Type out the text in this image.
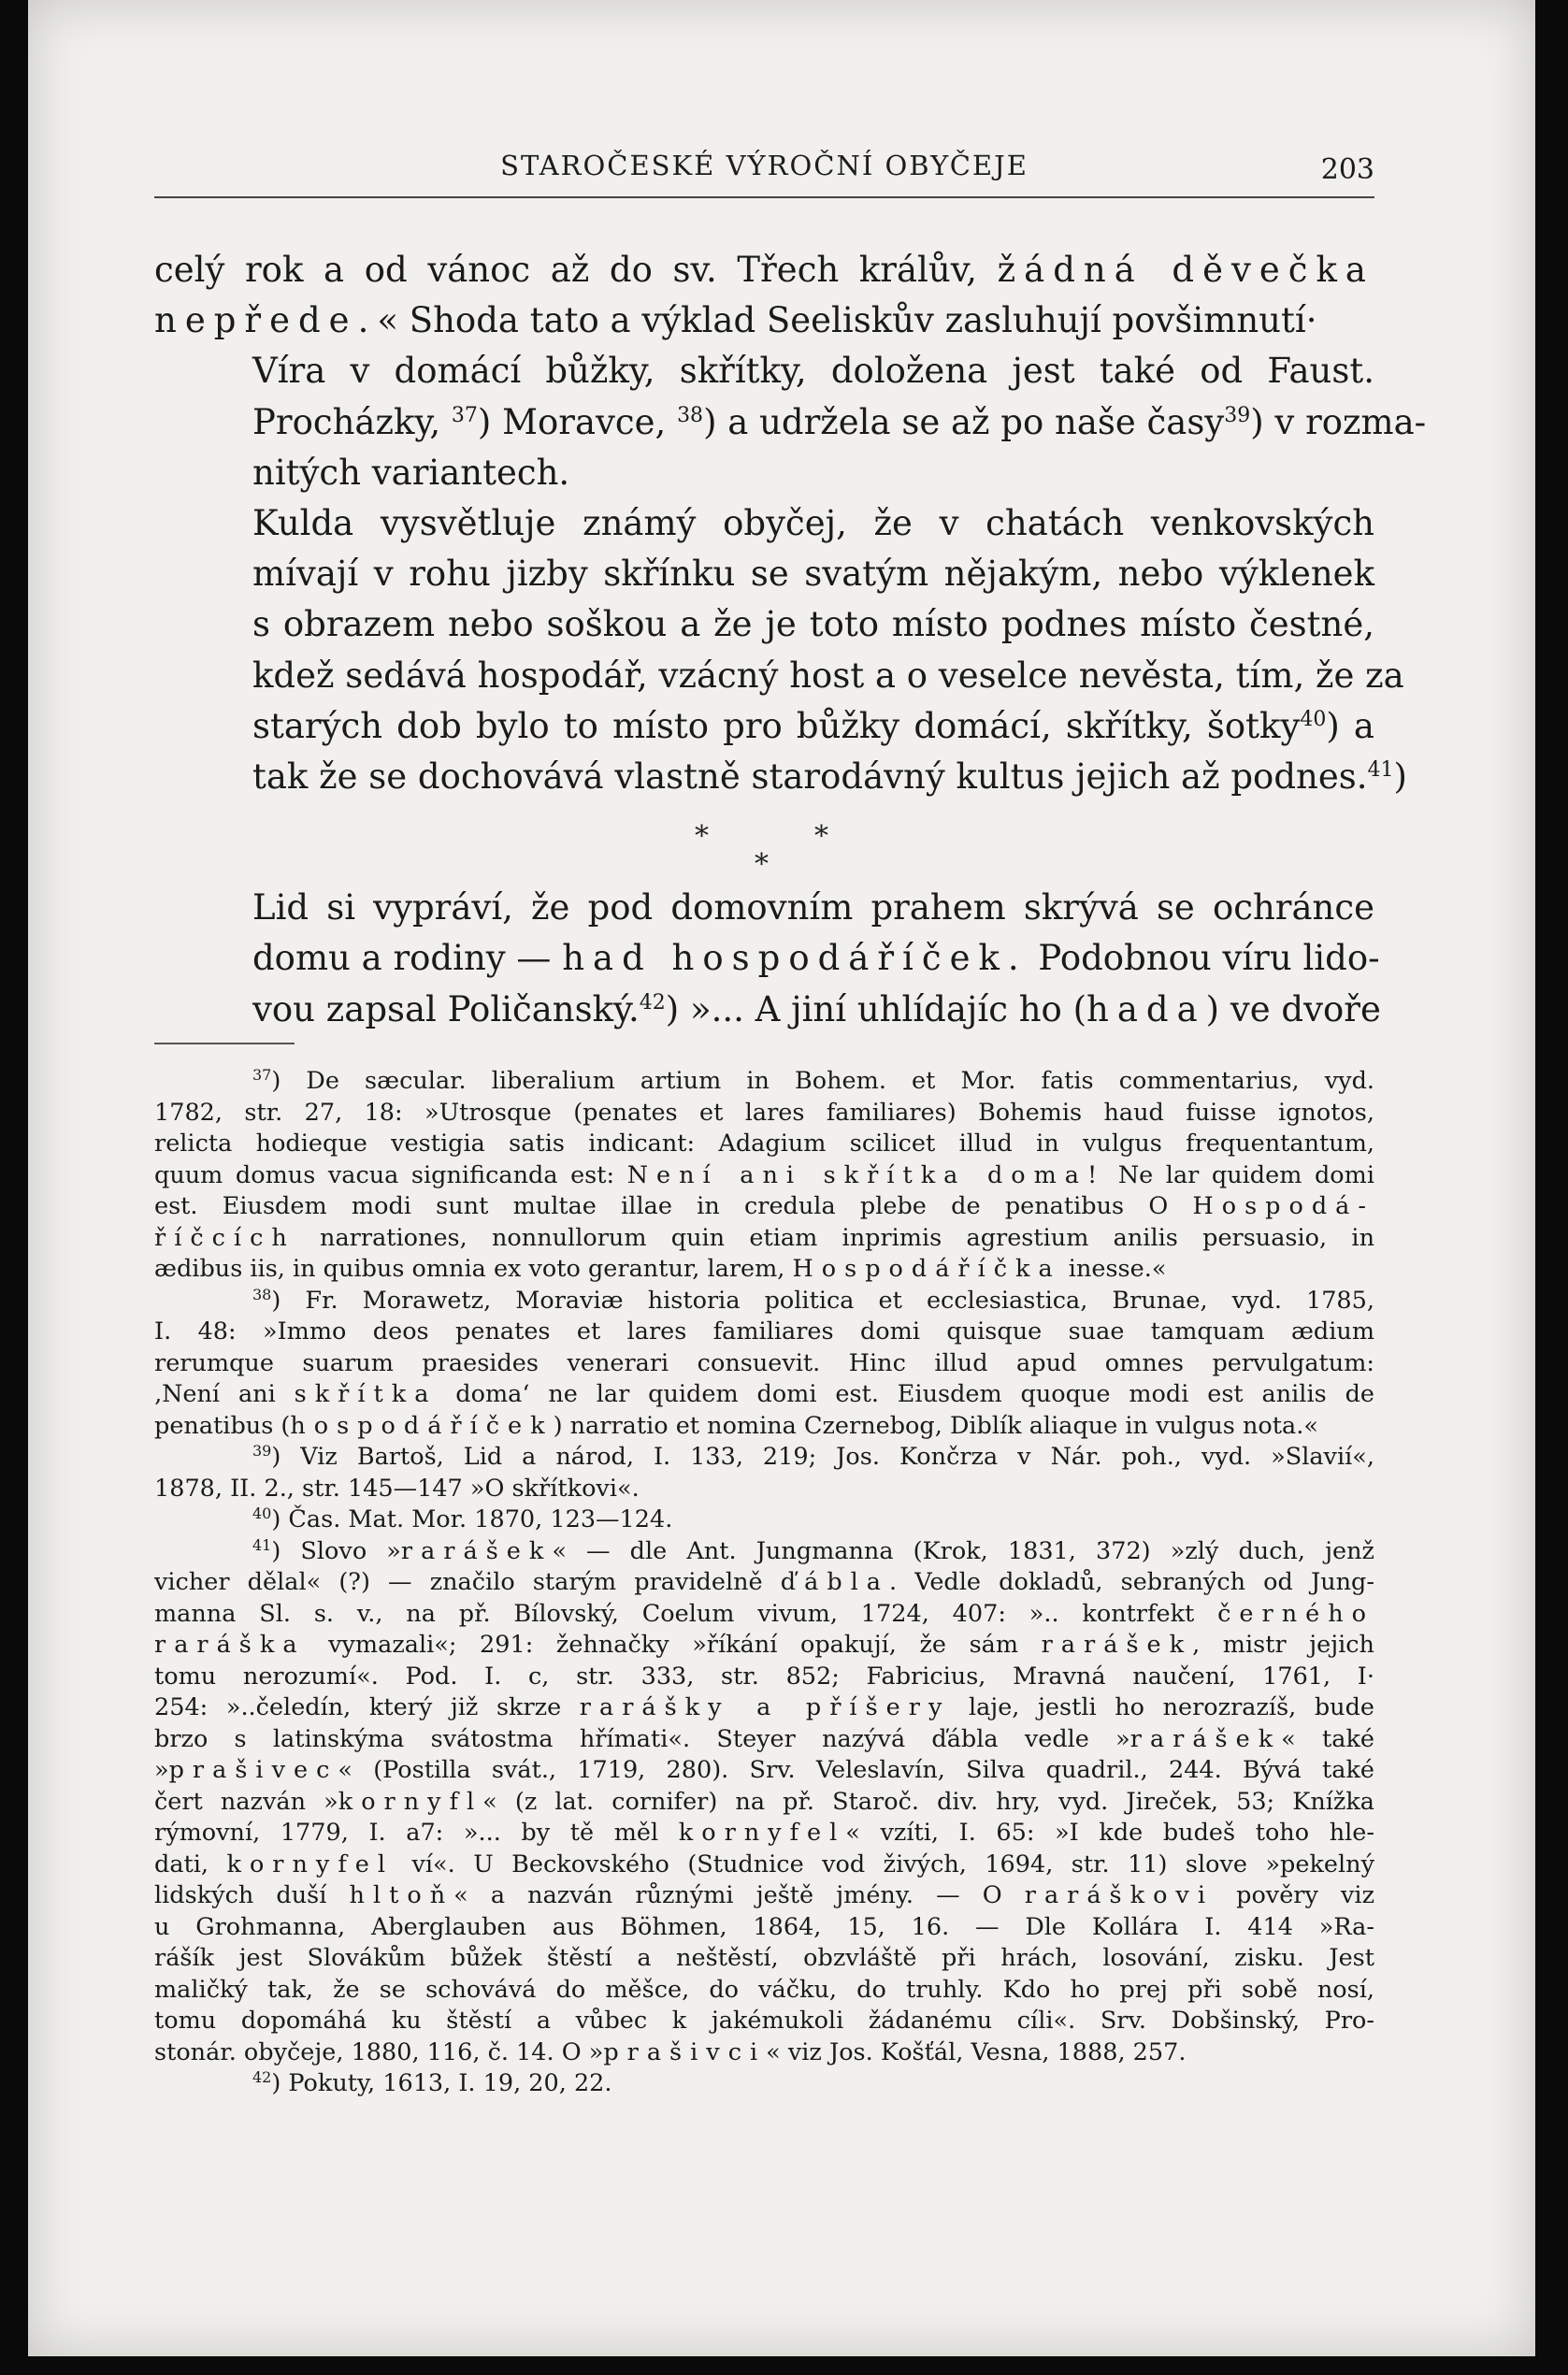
STAROČESKÉ VÝROČNÍ OBYČEJE	203

celý rok a od vánoc až do sv. Třech králův, žádná děvečka
nepřede.« Shoda tato a výklad Seeliskův zasluhují povšimnutí·

Víra v domácí bůžky, skřítky, doložena jest také od Faust.
Procházky, $^{37}$) Moravce, $^{38}$) a udržela se až po naše časy$^{39}$) v rozma-
nitých variantech.

Kulda vysvětluje známý obyčej, že v chatách venkovských
mívají v rohu jizby skřínku se svatým nějakým, nebo výklenek
s obrazem nebo soškou a že je toto místo podnes místo čestné,
kdež sedává hospodář, vzácný host a o veselce nevěsta, tím, že za
starých dob bylo to místo pro bůžky domácí, skřítky, šotky$^{40}$) a
tak že se dochovává vlastně starodávný kultus jejich až podnes.$^{41}$)

*	*
*

Lid si vypráví, že pod domovním prahem skrývá se ochránce
domu a rodiny — had hospodáříček. Podobnou víru lido-
vou zapsal Poličanský.$^{42}$) »... A jiní uhlídajíc ho (hada) ve dvoře

$^{37}$) De sæcular. liberalium artium in Bohem. et Mor. fatis commentarius, vyd.
1782, str. 27, 18: »Utrosque (penates et lares familiares) Bohemis haud fuisse ignotos,
relicta hodieque vestigia satis indicant: Adagium scilicet illud in vulgus frequentantum,
quum domus vacua significanda est: Není ani skřítka doma! Ne lar quidem domi
est. Eiusdem modi sunt multae illae in credula plebe de penatibus O Hospodá-
říčcích narrationes, nonnullorum quin etiam inprimis agrestium anilis persuasio, in
ædibus iis, in quibus omnia ex voto gerantur, larem, Hospodáříčka inesse.«
$^{38}$) Fr. Morawetz, Moraviæ historia politica et ecclesiastica, Brunae, vyd. 1785,
I. 48: »Immo deos penates et lares familiares domi quisque suae tamquam ædium
rerumque suarum praesides venerari consuevit. Hinc illud apud omnes pervulgatum:
‚Není ani skřítka doma‘ ne lar quidem domi est. Eiusdem quoque modi est anilis de
penatibus (hospodáříček) narratio et nomina Czernebog, Diblík aliaque in vulgus nota.«
$^{39}$) Viz Bartoš, Lid a národ, I. 133, 219; Jos. Končrza v Nár. poh., vyd. »Slavií«,
1878, II. 2., str. 145—147 »O skřítkovi«.
$^{40}$) Čas. Mat. Mor. 1870, 123—124.
$^{41}$) Slovo »rarášek« — dle Ant. Jungmanna (Krok, 1831, 372) »zlý duch, jenž
vicher dělal« (?) — značilo starým pravidelně ďábla. Vedle dokladů, sebraných od Jung-
manna Sl. s. v., na př. Bílovský, Coelum vivum, 1724, 407: ».. kontrfekt černého
raráška vymazali«; 291: žehnačky »říkání opakují, že sám rarášek, mistr jejich
tomu nerozumí«. Pod. I. c, str. 333, str. 852; Fabricius, Mravná naučení, 1761, I·
254: »..čeledín, který již skrze rarášky a příšery laje, jestli ho nerozrazíš, bude
brzo s latinskýma svátostma hřímati«. Steyer nazývá ďábla vedle »rarášek« také
»prašivec« (Postilla svát., 1719, 280). Srv. Veleslavín, Silva quadril., 244. Bývá také
čert nazván »kornyfl« (z lat. cornifer) na př. Staroč. div. hry, vyd. Jireček, 53; Knížka
rýmovní, 1779, I. a7: »... by tě měl kornyfel« vzíti, I. 65: »I kde budeš toho hle-
dati, kornyfel ví«. U Beckovského (Studnice vod živých, 1694, str. 11) slove »pekelný
lidských duší hltoň« a nazván různými ještě jmény. — O raráškovi pověry viz
u Grohmanna, Aberglauben aus Böhmen, 1864, 15, 16. — Dle Kollára I. 414 »Ra-
rášík jest Slovákům bůžek štěstí a neštěstí, obzvláště při hrách, losování, zisku. Jest
maličký tak, že se schovává do měšce, do váčku, do truhly. Kdo ho prej při sobě nosí,
tomu dopomáhá ku štěstí a vůbec k jakémukoli žádanému cíli«. Srv. Dobšinský, Pro-
stonár. obyčeje, 1880, 116, č. 14. O »prašivci« viz Jos. Košťál, Vesna, 1888, 257.
$^{42}$) Pokuty, 1613, I. 19, 20, 22.
